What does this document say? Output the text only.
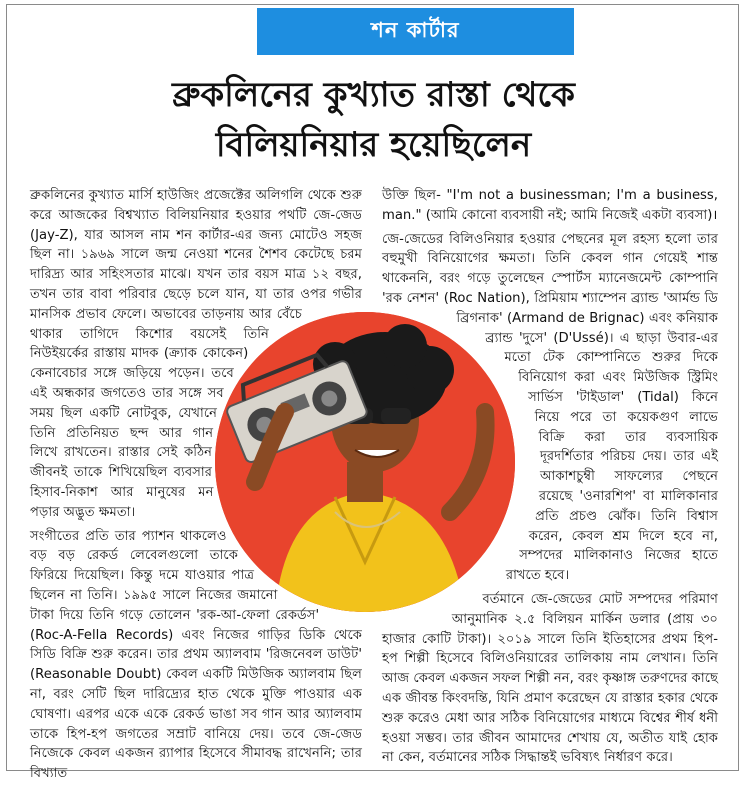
শন কার্টার
ব্রুকলিনের কুখ্যাত রাস্তা থেকে
বিলিয়নিয়ার হয়েছিলেন

ব্রুকলিনের কুখ্যাত মার্সি হাউজিং প্রজেক্টের অলিগলি থেকে শুরু করে আজকের বিশ্বখ্যাত বিলিয়নিয়ার হওয়ার পথটি জে-জেড (Jay-Z), যার আসল নাম শন কার্টার-এর জন্য মোটেও সহজ ছিল না। ১৯৬৯ সালে জন্ম নেওয়া শনের শৈশব কেটেছে চরম দারিদ্র্য আর সহিংসতার মাঝে। যখন তার বয়স মাত্র ১২ বছর, তখন তার বাবা পরিবার ছেড়ে চলে যান, যা তার ওপর গভীর মানসিক প্রভাব ফেলে। অভাবের তাড়নায় আর বেঁচে থাকার তাগিদে কিশোর বয়সেই তিনি নিউইয়র্কের রাস্তায় মাদক (ক্র্যাক কোকেন) কেনাবেচার সঙ্গে জড়িয়ে পড়েন। তবে এই অন্ধকার জগতেও তার সঙ্গে সব সময় ছিল একটি নোটবুক, যেখানে তিনি প্রতিনিয়ত ছন্দ আর গান লিখে রাখতেন। রাস্তার সেই কঠিন জীবনই তাকে শিখিয়েছিল ব্যবসার হিসাব-নিকাশ আর মানুষের মন পড়ার অদ্ভুত ক্ষমতা।

সংগীতের প্রতি তার প্যাশন থাকলেও বড় বড় রেকর্ড লেবেলগুলো তাকে ফিরিয়ে দিয়েছিল। কিন্তু দমে যাওয়ার পাত্র ছিলেন না তিনি। ১৯৯৫ সালে নিজের জমানো টাকা দিয়ে তিনি গড়ে তোলেন 'রক-আ-ফেলা রেকর্ডস' (Roc-A-Fella Records) এবং নিজের গাড়ির ডিকি থেকে সিডি বিক্রি শুরু করেন। তার প্রথম অ্যালবাম 'রিজনেবল ডাউট' (Reasonable Doubt) কেবল একটি মিউজিক অ্যালবাম ছিল না, বরং সেটি ছিল দারিদ্র্যের হাত থেকে মুক্তি পাওয়ার এক ঘোষণা। এরপর একে একে রেকর্ড ভাঙা সব গান আর অ্যালবাম তাকে হিপ-হপ জগতের সম্রাট বানিয়ে দেয়। তবে জে-জেড নিজেকে কেবল একজন র‍্যাপার হিসেবে সীমাবদ্ধ রাখেননি; তার বিখ্যাত

উক্তি ছিল- "I'm not a businessman; I'm a business, man." (আমি কোনো ব্যবসায়ী নই; আমি নিজেই একটা ব্যবসা)।

জে-জেডের বিলিওনিয়ার হওয়ার পেছনের মূল রহস্য হলো তার বহুমুখী বিনিয়োগের ক্ষমতা। তিনি কেবল গান গেয়েই শান্ত থাকেননি, বরং গড়ে তুলেছেন স্পোর্টস ম্যানেজমেন্ট কোম্পানি 'রক নেশন' (Roc Nation), প্রিমিয়াম শ্যাম্পেন ব্র্যান্ড 'আর্মন্ড ডি ব্রিগনাক' (Armand de Brignac) এবং কনিয়াক ব্র্যান্ড 'দুসে' (D'Ussé)। এ ছাড়া উবার-এর মতো টেক কোম্পানিতে শুরুর দিকে বিনিয়োগ করা এবং মিউজিক স্ট্রিমিং সার্ভিস 'টাইডাল' (Tidal) কিনে নিয়ে পরে তা কয়েকগুণ লাভে বিক্রি করা তার ব্যবসায়িক দূরদর্শিতার পরিচয় দেয়। তার এই আকাশচুম্বী সাফল্যের পেছনে রয়েছে 'ওনারশিপ' বা মালিকানার প্রতি প্রচণ্ড ঝোঁক। তিনি বিশ্বাস করেন, কেবল শ্রম দিলে হবে না, সম্পদের মালিকানাও নিজের হাতে রাখতে হবে।

বর্তমানে জে-জেডের মোট সম্পদের পরিমাণ আনুমানিক ২.৫ বিলিয়ন মার্কিন ডলার (প্রায় ৩০ হাজার কোটি টাকা)। ২০১৯ সালে তিনি ইতিহাসের প্রথম হিপ-হপ শিল্পী হিসেবে বিলিওনিয়ারের তালিকায় নাম লেখান। তিনি আজ কেবল একজন সফল শিল্পী নন, বরং কৃষ্ণাঙ্গ তরুণদের কাছে এক জীবন্ত কিংবদন্তি, যিনি প্রমাণ করেছেন যে রাস্তার হকার থেকে শুরু করেও মেধা আর সঠিক বিনিয়োগের মাধ্যমে বিশ্বের শীর্ষ ধনী হওয়া সম্ভব। তার জীবন আমাদের শেখায় যে, অতীত যাই হোক না কেন, বর্তমানের সঠিক সিদ্ধান্তই ভবিষ্যৎ নির্ধারণ করে।
